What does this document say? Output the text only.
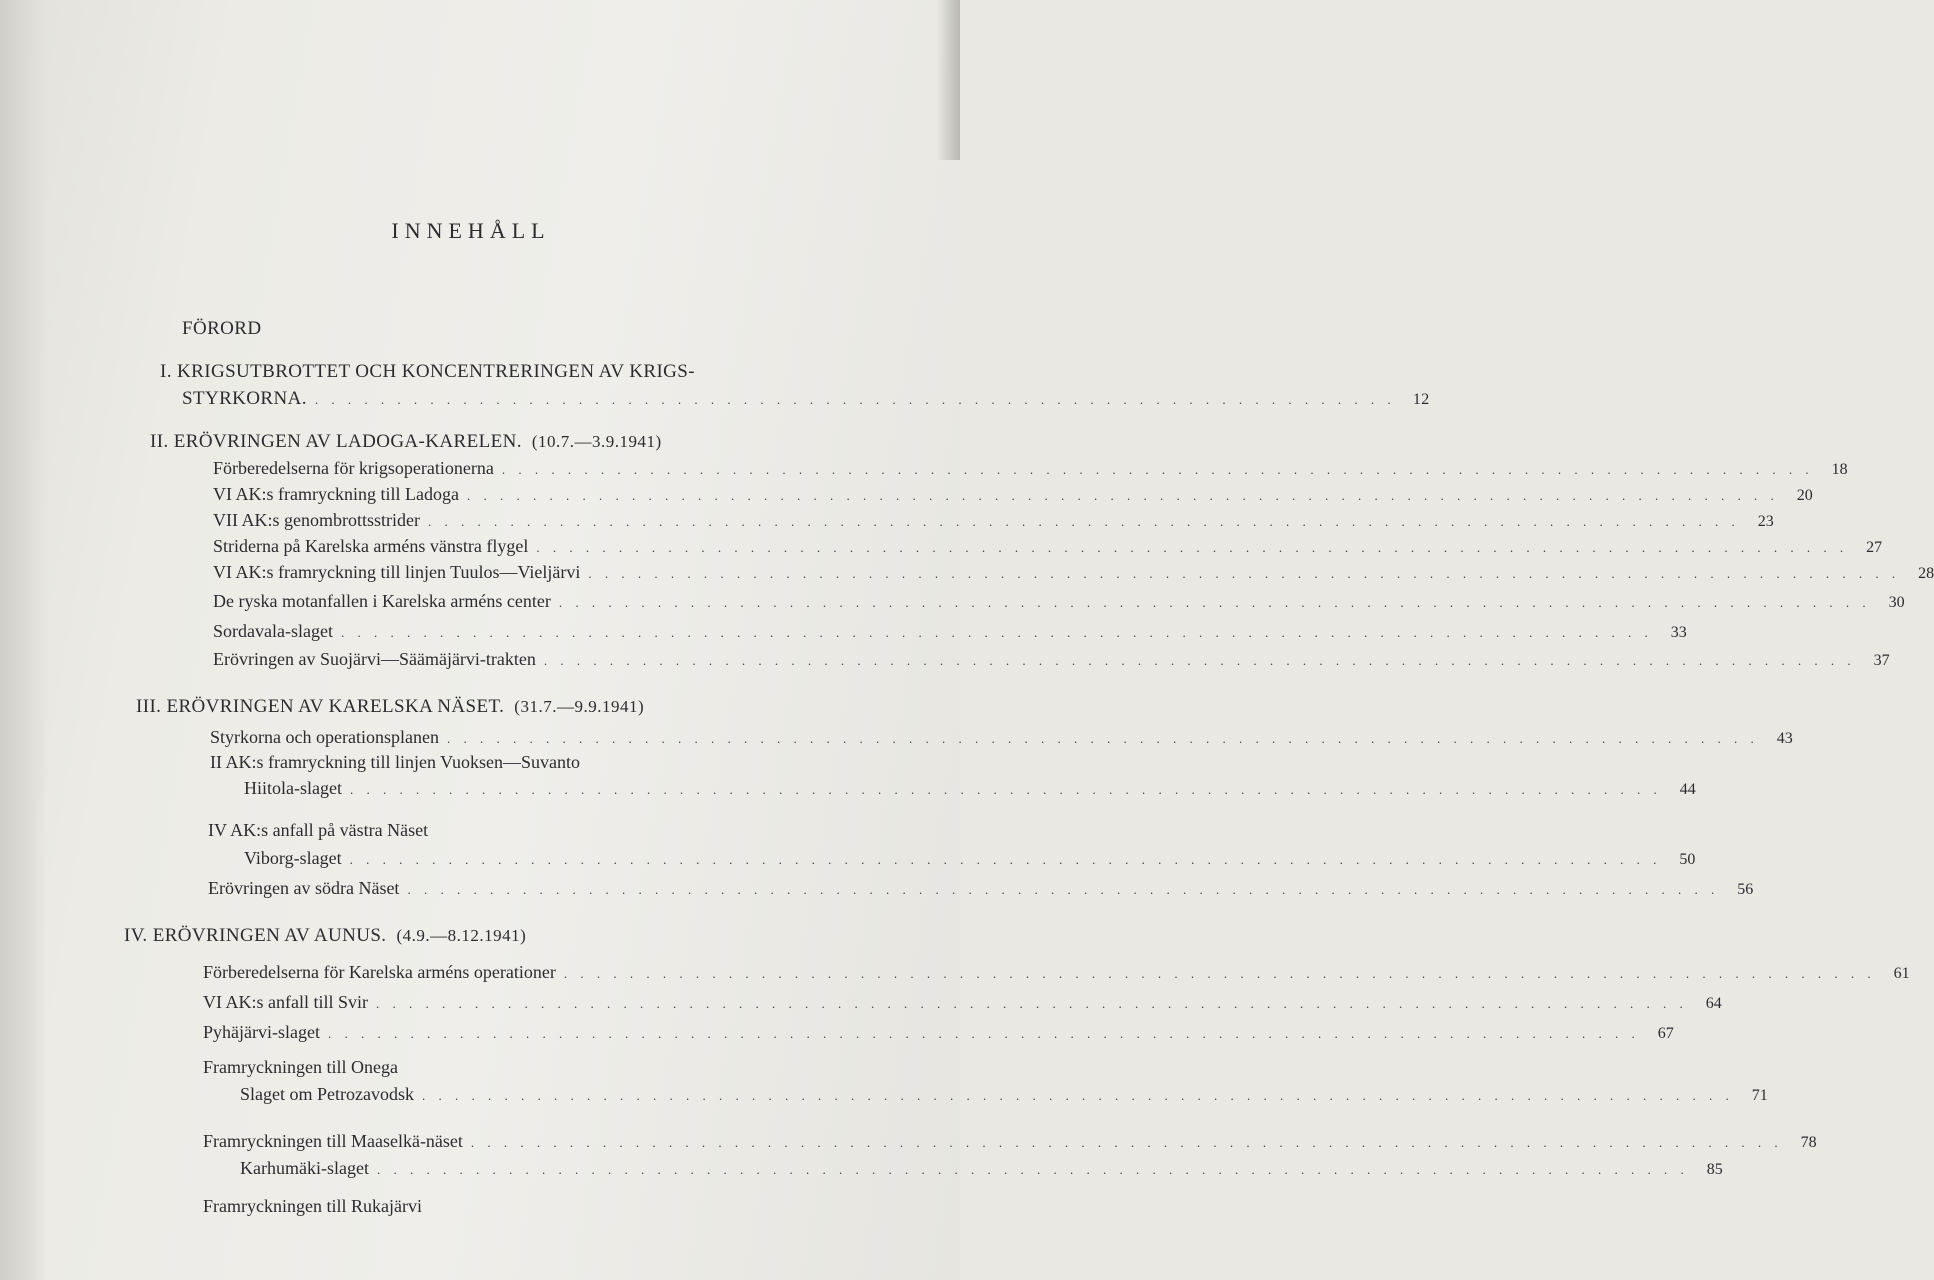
INNEHÅLL
FÖRORD
I. KRIGSUTBROTTET OCH KONCENTRERINGEN AV KRIGS-
STYRKORNA. . . . . . . . . . . . . . . . . . . . . . . . . . . . . . . . . . . . . . . . . . . . . . . . . . . . . . . . . . . . . . . . . . .	12
II. ERÖVRINGEN AV LADOGA-KARELEN. (10.7.—3.9.1941)
Förberedelserna för krigsoperationerna . . . . . . . . . . . . . . . . . . . . . . . . . . . . . . . . . . . . . . . . . . . . . . . . . . . . . . . . . . . . . . . . . . . . . . . . . . . . . . . .	18
VI AK:s framryckning till Ladoga . . . . . . . . . . . . . . . . . . . . . . . . . . . . . . . . . . . . . . . . . . . . . . . . . . . . . . . . . . . . . . . . . . . . . . . . . . . . . . . .	20
VII AK:s genombrottsstrider . . . . . . . . . . . . . . . . . . . . . . . . . . . . . . . . . . . . . . . . . . . . . . . . . . . . . . . . . . . . . . . . . . . . . . . . . . . . . . . .	23
Striderna på Karelska arméns vänstra flygel . . . . . . . . . . . . . . . . . . . . . . . . . . . . . . . . . . . . . . . . . . . . . . . . . . . . . . . . . . . . . . . . . . . . . . . . . . . . . . . .	27
VI AK:s framryckning till linjen Tuulos—Vieljärvi . . . . . . . . . . . . . . . . . . . . . . . . . . . . . . . . . . . . . . . . . . . . . . . . . . . . . . . . . . . . . . . . . . . . . . . . . . . . . . . .	28
De ryska motanfallen i Karelska arméns center . . . . . . . . . . . . . . . . . . . . . . . . . . . . . . . . . . . . . . . . . . . . . . . . . . . . . . . . . . . . . . . . . . . . . . . . . . . . . . . .	30
Sordavala-slaget . . . . . . . . . . . . . . . . . . . . . . . . . . . . . . . . . . . . . . . . . . . . . . . . . . . . . . . . . . . . . . . . . . . . . . . . . . . . . . . .	33
Erövringen av Suojärvi—Säämäjärvi-trakten . . . . . . . . . . . . . . . . . . . . . . . . . . . . . . . . . . . . . . . . . . . . . . . . . . . . . . . . . . . . . . . . . . . . . . . . . . . . . . . .	37
III. ERÖVRINGEN AV KARELSKA NÄSET. (31.7.—9.9.1941)
Styrkorna och operationsplanen . . . . . . . . . . . . . . . . . . . . . . . . . . . . . . . . . . . . . . . . . . . . . . . . . . . . . . . . . . . . . . . . . . . . . . . . . . . . . . . .	43
II AK:s framryckning till linjen Vuoksen—Suvanto
Hiitola-slaget . . . . . . . . . . . . . . . . . . . . . . . . . . . . . . . . . . . . . . . . . . . . . . . . . . . . . . . . . . . . . . . . . . . . . . . . . . . . . . . .	44
IV AK:s anfall på västra Näset
Viborg-slaget . . . . . . . . . . . . . . . . . . . . . . . . . . . . . . . . . . . . . . . . . . . . . . . . . . . . . . . . . . . . . . . . . . . . . . . . . . . . . . . .	50
Erövringen av södra Näset . . . . . . . . . . . . . . . . . . . . . . . . . . . . . . . . . . . . . . . . . . . . . . . . . . . . . . . . . . . . . . . . . . . . . . . . . . . . . . . .	56
IV. ERÖVRINGEN AV AUNUS. (4.9.—8.12.1941)
Förberedelserna för Karelska arméns operationer . . . . . . . . . . . . . . . . . . . . . . . . . . . . . . . . . . . . . . . . . . . . . . . . . . . . . . . . . . . . . . . . . . . . . . . . . . . . . . . .	61
VI AK:s anfall till Svir . . . . . . . . . . . . . . . . . . . . . . . . . . . . . . . . . . . . . . . . . . . . . . . . . . . . . . . . . . . . . . . . . . . . . . . . . . . . . . . .	64
Pyhäjärvi-slaget . . . . . . . . . . . . . . . . . . . . . . . . . . . . . . . . . . . . . . . . . . . . . . . . . . . . . . . . . . . . . . . . . . . . . . . . . . . . . . . .	67
Framryckningen till Onega
Slaget om Petrozavodsk . . . . . . . . . . . . . . . . . . . . . . . . . . . . . . . . . . . . . . . . . . . . . . . . . . . . . . . . . . . . . . . . . . . . . . . . . . . . . . . .	71
Framryckningen till Maaselkä-näset . . . . . . . . . . . . . . . . . . . . . . . . . . . . . . . . . . . . . . . . . . . . . . . . . . . . . . . . . . . . . . . . . . . . . . . . . . . . . . . .	78
Karhumäki-slaget . . . . . . . . . . . . . . . . . . . . . . . . . . . . . . . . . . . . . . . . . . . . . . . . . . . . . . . . . . . . . . . . . . . . . . . . . . . . . . . .	85
Framryckningen till Rukajärvi
